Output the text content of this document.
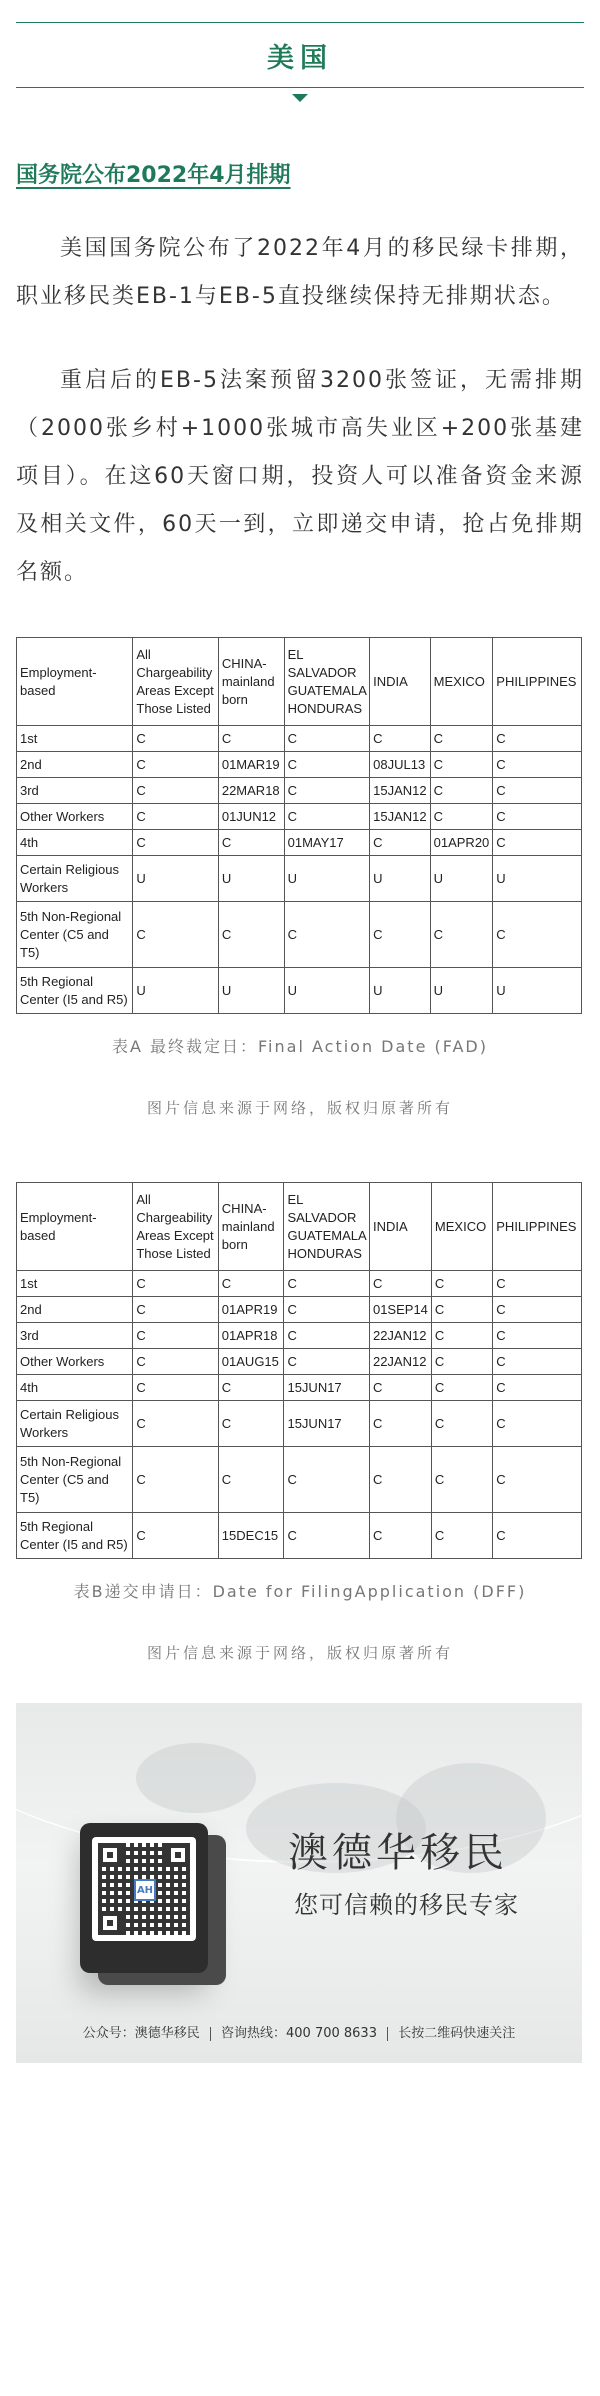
美国
国务院公布2022年4月排期

美国国务院公布了2022年4月的移民绿卡排期，职业移民类EB-1与EB-5直投继续保持无排期状态。

重启后的EB-5法案预留3200张签证，无需排期（2000张乡村+1000张城市高失业区+200张基建项目）。在这60天窗口期，投资人可以准备资金来源及相关文件，60天一到，立即递交申请，抢占免排期名额。

Employment-based	All Chargeability Areas Except Those Listed	CHINA-mainland born	EL SALVADOR GUATEMALA HONDURAS	INDIA	MEXICO	PHILIPPINES
1st	C	C	C	C	C	C
2nd	C	01MAR19	C	08JUL13	C	C
3rd	C	22MAR18	C	15JAN12	C	C
Other Workers	C	01JUN12	C	15JAN12	C	C
4th	C	C	01MAY17	C	01APR20	C
Certain Religious Workers	U	U	U	U	U	U
5th Non-Regional Center (C5 and T5)	C	C	C	C	C	C
5th Regional Center (I5 and R5)	U	U	U	U	U	U
表A 最终裁定日：Final Action Date (FAD)
图片信息来源于网络，版权归原著所有
Employment-based	All Chargeability Areas Except Those Listed	CHINA-mainland born	EL SALVADOR GUATEMALA HONDURAS	INDIA	MEXICO	PHILIPPINES
1st	C	C	C	C	C	C
2nd	C	01APR19	C	01SEP14	C	C
3rd	C	01APR18	C	22JAN12	C	C
Other Workers	C	01AUG15	C	22JAN12	C	C
4th	C	C	15JUN17	C	C	C
Certain Religious Workers	C	C	15JUN17	C	C	C
5th Non-Regional Center (C5 and T5)	C	C	C	C	C	C
5th Regional Center (I5 and R5)	C	15DEC15	C	C	C	C
表B递交申请日：Date for FilingApplication (DFF)
图片信息来源于网络，版权归原著所有
AH
澳德华移民
您可信赖的移民专家
公众号：澳德华移民 咨询热线：400 700 8633 长按二维码快速关注
